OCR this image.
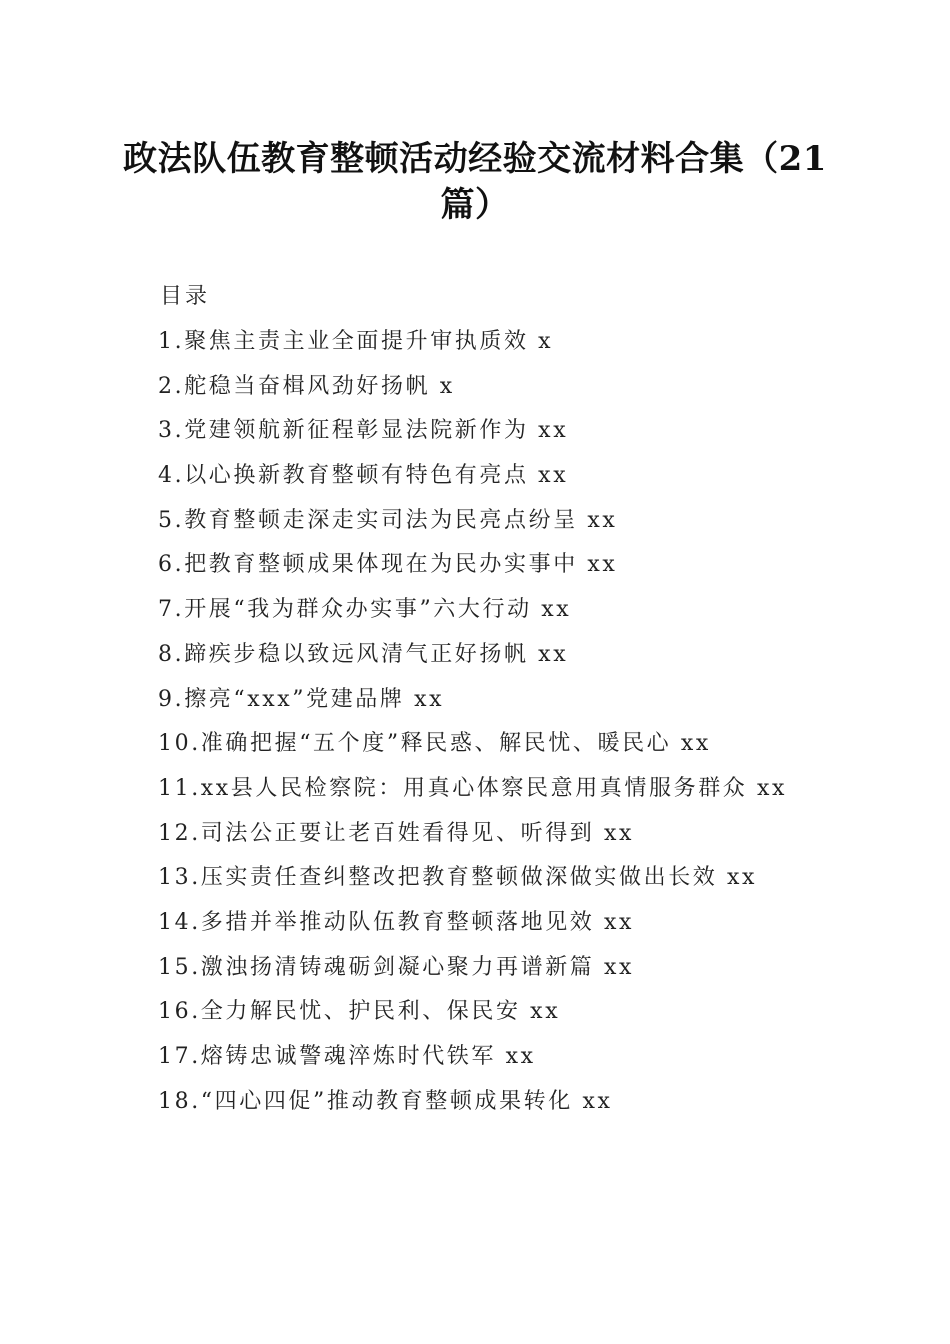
政法队伍教育整顿活动经验交流材料合集（21篇）
目录
1.聚焦主责主业全面提升审执质效 x
2.舵稳当奋楫风劲好扬帆 x
3.党建领航新征程彰显法院新作为 xx
4.以心换新教育整顿有特色有亮点 xx
5.教育整顿走深走实司法为民亮点纷呈 xx
6.把教育整顿成果体现在为民办实事中 xx
7.开展“我为群众办实事”六大行动 xx
8.蹄疾步稳以致远风清气正好扬帆 xx
9.擦亮“xxx”党建品牌 xx
10.准确把握“五个度”释民惑、解民忧、暖民心 xx
11.xx县人民检察院：用真心体察民意用真情服务群众 xx
12.司法公正要让老百姓看得见、听得到 xx
13.压实责任查纠整改把教育整顿做深做实做出长效 xx
14.多措并举推动队伍教育整顿落地见效 xx
15.激浊扬清铸魂砺剑凝心聚力再谱新篇 xx
16.全力解民忧、护民利、保民安 xx
17.熔铸忠诚警魂淬炼时代铁军 xx
18.“四心四促”推动教育整顿成果转化 xx
